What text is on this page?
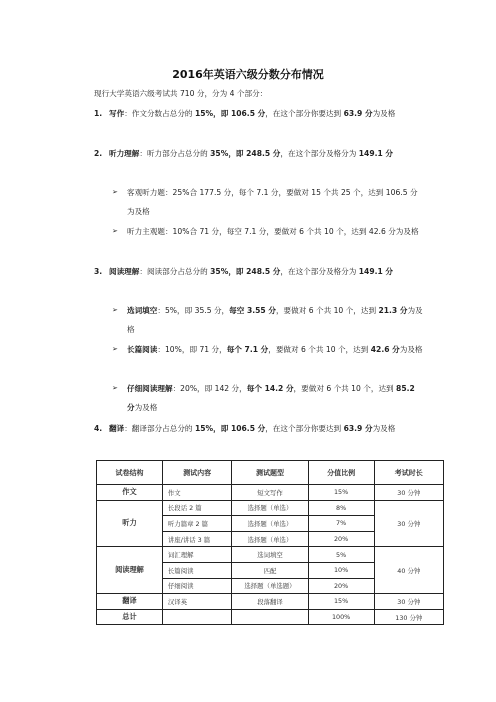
2016年英语六级分数分布情况
现行大学英语六级考试共 710 分，分为 4 个部分：
1. 写作：作文分数占总分的 15%，即 106.5 分，在这个部分你要达到 63.9 分为及格
2. 听力理解：听力部分占总分的 35%，即 248.5 分，在这个部分及格分为 149.1 分
➢ 客观听力题：25%合 177.5 分，每个 7.1 分，要做对 15 个共 25 个，达到 106.5 分为及格
➢ 听力主观题：10%合 71 分，每空 7.1 分，要做对 6 个共 10 个，达到 42.6 分为及格
3. 阅读理解：阅读部分占总分的 35%，即 248.5 分，在这个部分及格分为 149.1 分
➢ 选词填空：5%，即 35.5 分，每空 3.55 分，要做对 6 个共 10 个，达到 21.3 分为及格
➢ 长篇阅读：10%，即 71 分，每个 7.1 分，要做对 6 个共 10 个，达到 42.6 分为及格
➢ 仔细阅读理解：20%，即 142 分，每个 14.2 分，要做对 6 个共 10 个，达到 85.2 分为及格
4. 翻译：翻译部分占总分的 15%，即 106.5 分，在这个部分你要达到 63.9 分为及格
试卷结构	测试内容	测试题型	分值比例	考试时长
作文	作文	短文写作	15%	30 分钟
听力	长段话 2 篇	选择题（单选）	8%	30 分钟
	听力篇章 2 篇	选择题（单选）	7%	
	讲座/讲话 3 篇	选择题（单选）	20%	
阅读理解	词汇理解	选词填空	5%	40 分钟
	长篇阅读	匹配	10%	
	仔细阅读	选择题（单选题）	20%	
翻译	汉译英	段落翻译	15%	30 分钟
总计			100%	130 分钟
